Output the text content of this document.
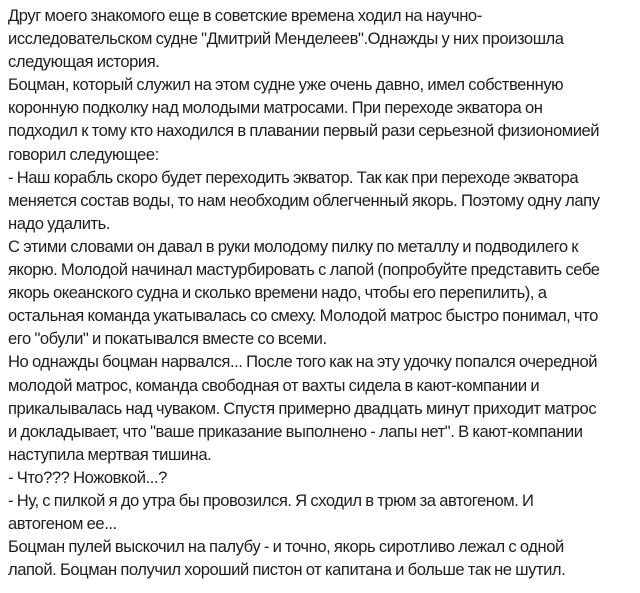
Друг моего знакомого еще в советские времена ходил на научно-
исследовательском судне "Дмитрий Менделеев".Однажды у них произошла
следующая история.
Боцман, который служил на этом судне уже очень давно, имел собственную
коронную подколку над молодыми матросами. При переходе экватора он
подходил к тому кто находился в плавании первый рази серьезной физиономией
говорил следующее:
- Наш корабль скоро будет переходить экватор. Так как при переходе экватора
меняется состав воды, то нам необходим облегченный якорь. Поэтому одну лапу
надо удалить.
С этими словами он давал в руки молодому пилку по металлу и подводилего к
якорю. Молодой начинал мастурбировать с лапой (попробуйте представить себе
якорь океанского судна и сколько времени надо, чтобы его перепилить), а
остальная команда укатывалась со смеху. Молодой матрос быстро понимал, что
его "обули" и покатывался вместе со всеми.
Но однажды боцман нарвался... После того как на эту удочку попался очередной
молодой матрос, команда свободная от вахты сидела в кают-компании и
прикалывалась над чуваком. Спустя примерно двадцать минут приходит матрос
и докладывает, что "ваше приказание выполнено - лапы нет". В кают-компании
наступила мертвая тишина.
- Что??? Ножовкой...?
- Ну, с пилкой я до утра бы провозился. Я сходил в трюм за автогеном. И
автогеном ее...
Боцман пулей выскочил на палубу - и точно, якорь сиротливо лежал с одной
лапой. Боцман получил хороший пистон от капитана и больше так не шутил.
